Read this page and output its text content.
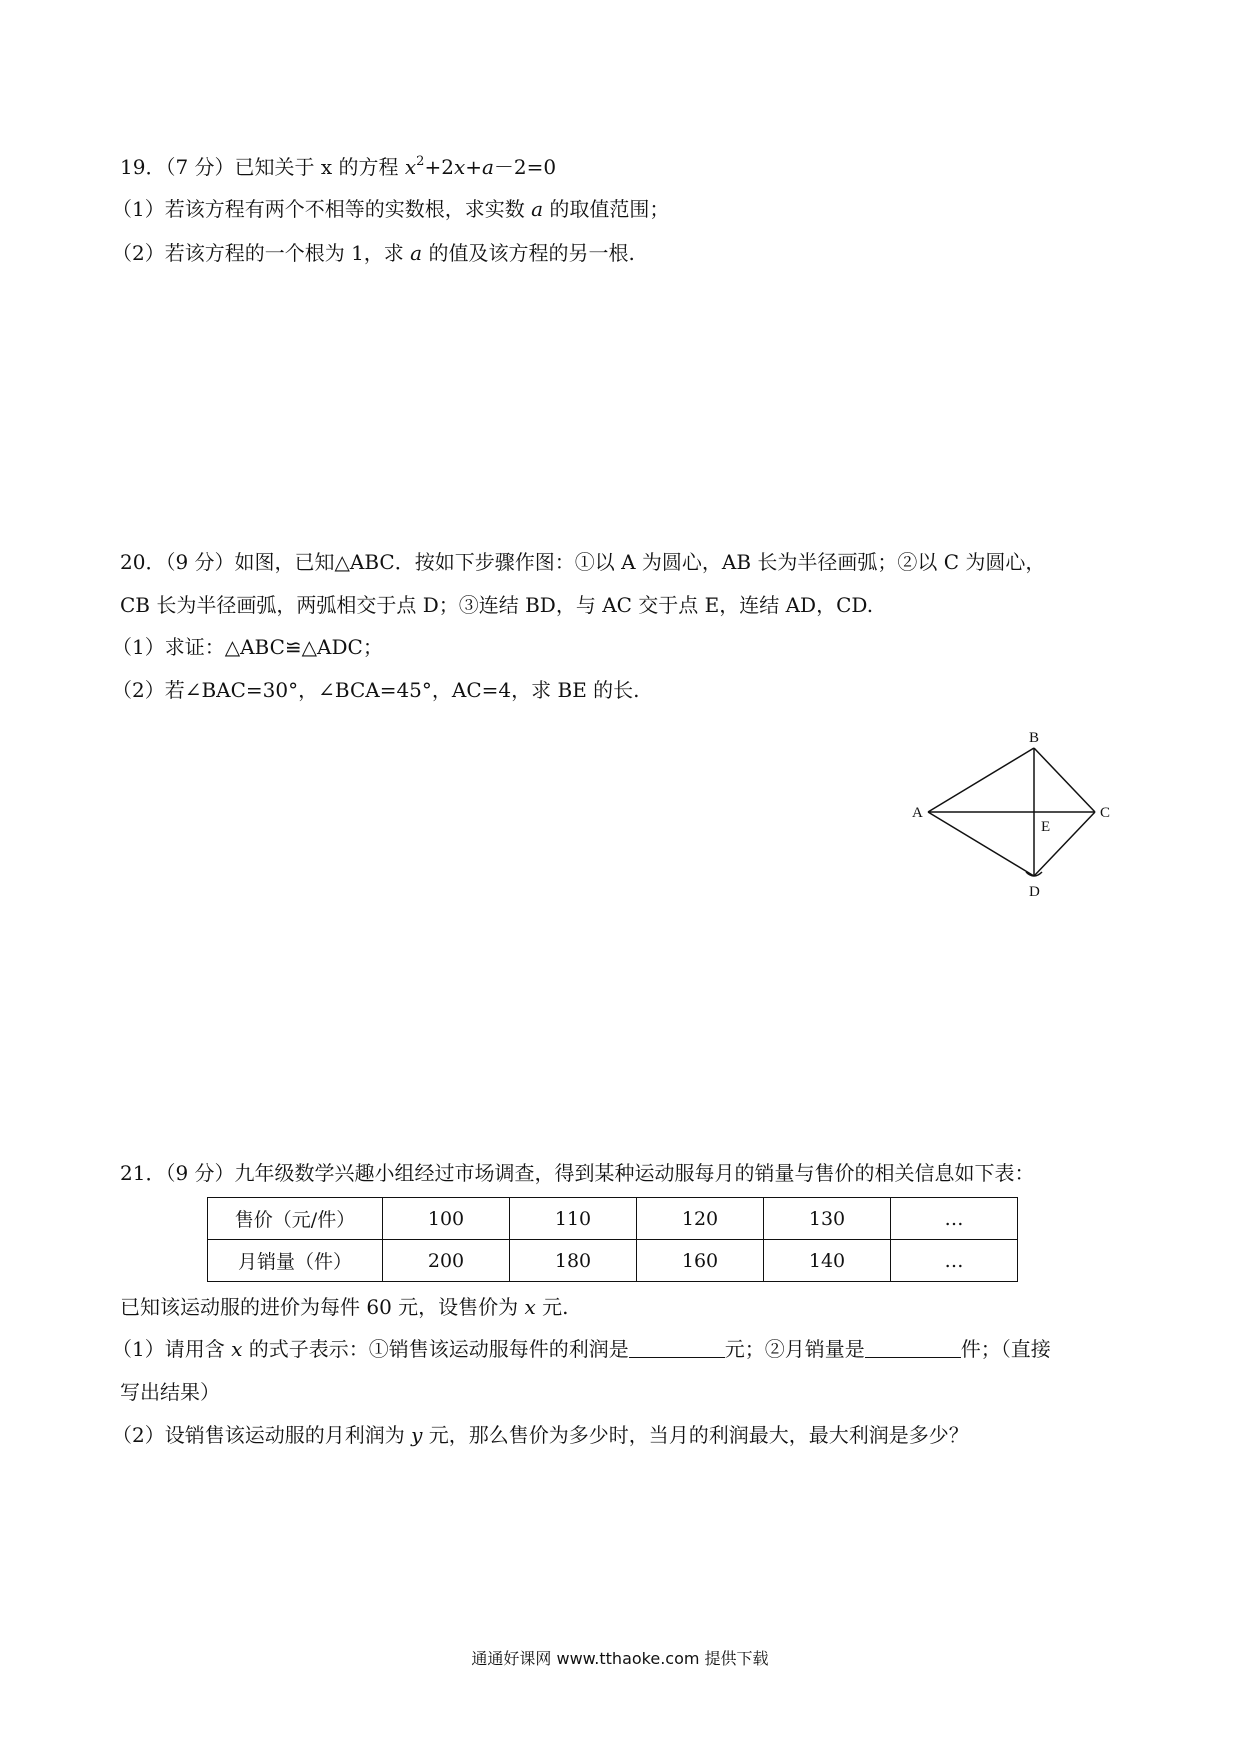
19．（7 分）已知关于 x 的方程 $x^2+2x+a-2=0$
（1）若该方程有两个不相等的实数根，求实数 a 的取值范围；
（2）若该方程的一个根为 1，求 a 的值及该方程的另一根.
20．（9 分）如图，已知△ABC．按如下步骤作图：①以 A 为圆心，AB 长为半径画弧；②以 C 为圆心，
CB 长为半径画弧，两弧相交于点 D；③连结 BD，与 AC 交于点 E，连结 AD，CD.
（1）求证：△ABC≌△ADC；
（2）若∠BAC=30°，∠BCA=45°，AC=4，求 BE 的长.
A
B
C
D
E
21．（9 分）九年级数学兴趣小组经过市场调查，得到某种运动服每月的销量与售价的相关信息如下表：
售价（元/件）	100	110	120	130	…
月销量（件）	200	180	160	140	…
已知该运动服的进价为每件 60 元，设售价为 x 元.
（1）请用含 x 的式子表示：①销售该运动服每件的利润是	元；②月销量是	件；（直接
写出结果）
（2）设销售该运动服的月利润为 y 元，那么售价为多少时，当月的利润最大，最大利润是多少？
通通好课网 www.tthaoke.com 提供下载
